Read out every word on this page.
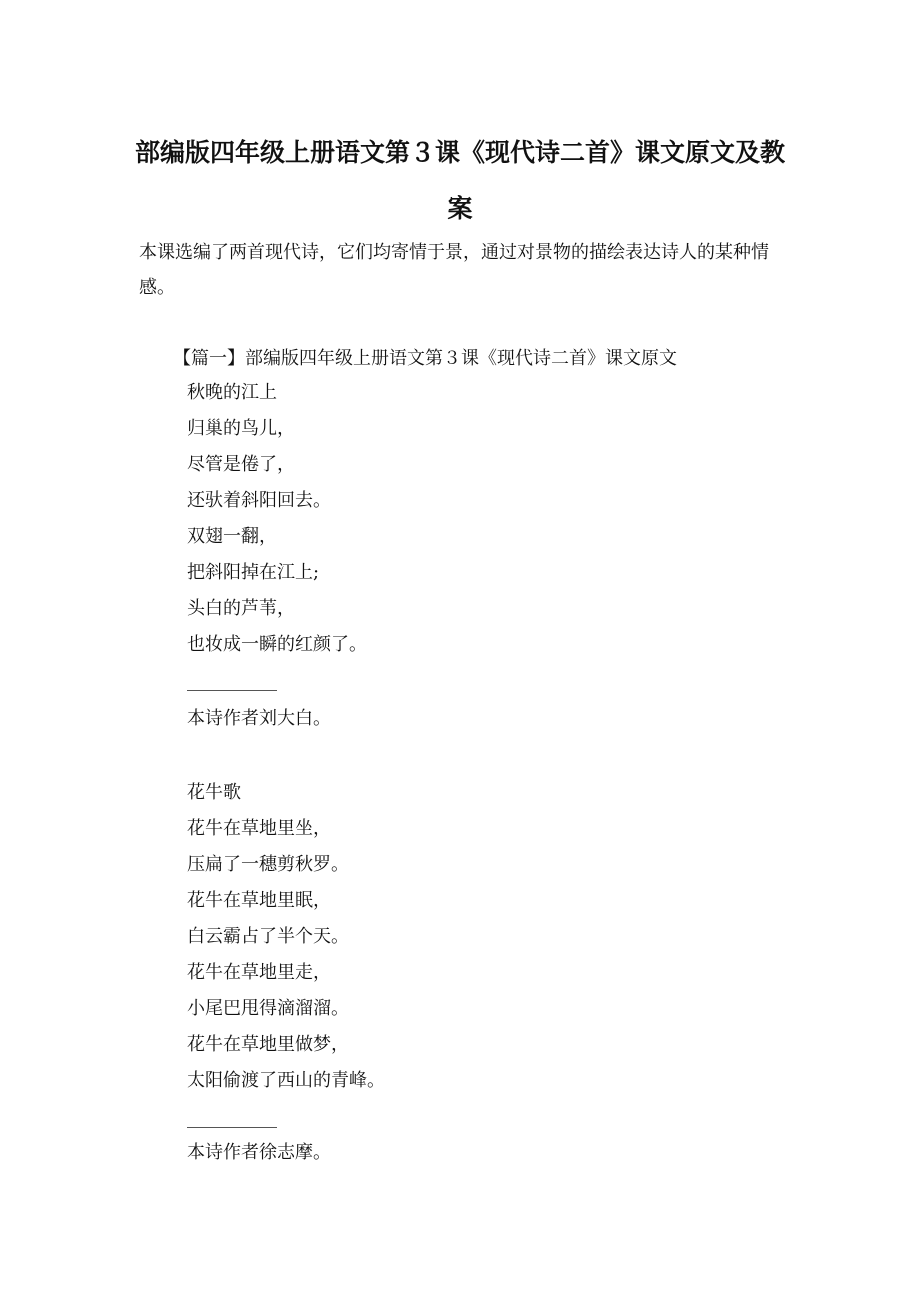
部编版四年级上册语文第３课《现代诗二首》课文原文及教
案

本课选编了两首现代诗，它们均寄情于景，通过对景物的描绘表达诗人的某种情感。

【篇一】部编版四年级上册语文第３课《现代诗二首》课文原文

秋晚的江上
归巢的鸟儿，
尽管是倦了，
还驮着斜阳回去。
双翅一翻，
把斜阳掉在江上;
头白的芦苇，
也妆成一瞬的红颜了。

本诗作者刘大白。

花牛歌
花牛在草地里坐，
压扁了一穗剪秋罗。
花牛在草地里眠，
白云霸占了半个天。
花牛在草地里走，
小尾巴甩得滴溜溜。
花牛在草地里做梦，
太阳偷渡了西山的青峰。

本诗作者徐志摩。
